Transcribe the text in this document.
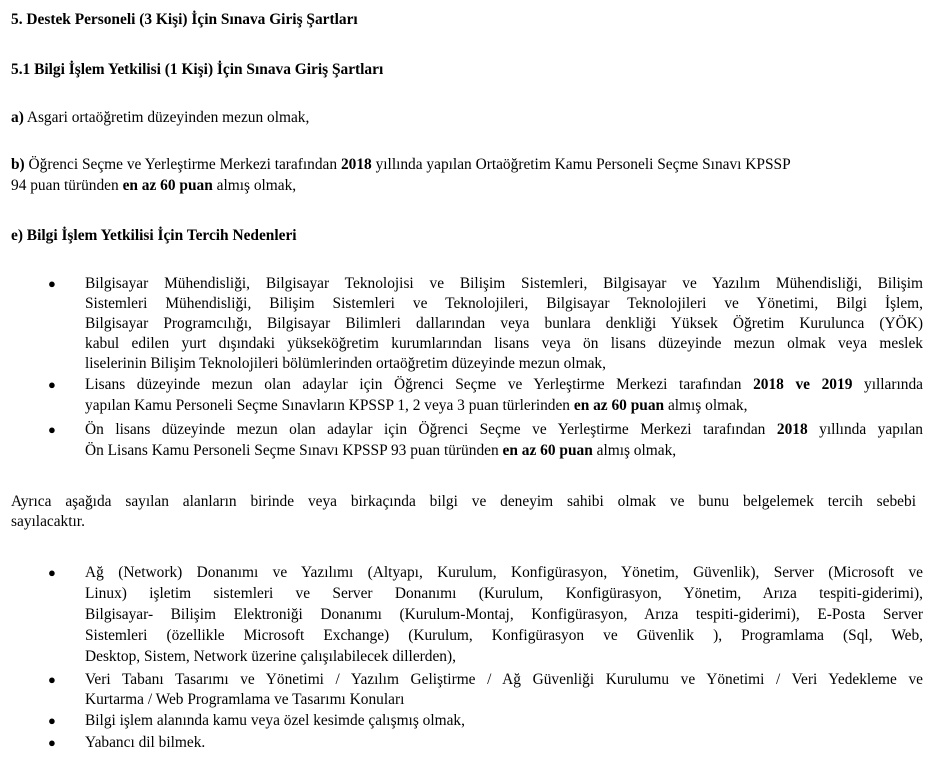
5. Destek Personeli (3 Kişi) İçin Sınava Giriş Şartları
5.1 Bilgi İşlem Yetkilisi (1 Kişi) İçin Sınava Giriş Şartları
a) Asgari ortaöğretim düzeyinden mezun olmak,
b) Öğrenci Seçme ve Yerleştirme Merkezi tarafından 2018 yıllında yapılan Ortaöğretim Kamu Personeli Seçme Sınavı KPSSP
94 puan türünden en az 60 puan almış olmak,
e) Bilgi İşlem Yetkilisi İçin Tercih Nedenleri
● Bilgisayar Mühendisliği, Bilgisayar Teknolojisi ve Bilişim Sistemleri, Bilgisayar ve Yazılım Mühendisliği, Bilişim
Sistemleri Mühendisliği, Bilişim Sistemleri ve Teknolojileri, Bilgisayar Teknolojileri ve Yönetimi, Bilgi İşlem,
Bilgisayar Programcılığı, Bilgisayar Bilimleri dallarından veya bunlara denkliği Yüksek Öğretim Kurulunca (YÖK)
kabul edilen yurt dışındaki yükseköğretim kurumlarından lisans veya ön lisans düzeyinde mezun olmak veya meslek
liselerinin Bilişim Teknolojileri bölümlerinden ortaöğretim düzeyinde mezun olmak,
● Lisans düzeyinde mezun olan adaylar için Öğrenci Seçme ve Yerleştirme Merkezi tarafından 2018 ve 2019 yıllarında
yapılan Kamu Personeli Seçme Sınavların KPSSP 1, 2 veya 3 puan türlerinden en az 60 puan almış olmak,
● Ön lisans düzeyinde mezun olan adaylar için Öğrenci Seçme ve Yerleştirme Merkezi tarafından 2018 yıllında yapılan
Ön Lisans Kamu Personeli Seçme Sınavı KPSSP 93 puan türünden en az 60 puan almış olmak,
Ayrıca aşağıda sayılan alanların birinde veya birkaçında bilgi ve deneyim sahibi olmak ve bunu belgelemek tercih sebebi
sayılacaktır.
● Ağ (Network) Donanımı ve Yazılımı (Altyapı, Kurulum, Konfigürasyon, Yönetim, Güvenlik), Server (Microsoft ve
Linux) işletim sistemleri ve Server Donanımı (Kurulum, Konfigürasyon, Yönetim, Arıza tespiti-giderimi),
Bilgisayar- Bilişim Elektroniği Donanımı (Kurulum-Montaj, Konfigürasyon, Arıza tespiti-giderimi), E-Posta Server
Sistemleri (özellikle Microsoft Exchange) (Kurulum, Konfigürasyon ve Güvenlik ), Programlama (Sql, Web,
Desktop, Sistem, Network üzerine çalışılabilecek dillerden),
● Veri Tabanı Tasarımı ve Yönetimi / Yazılım Geliştirme / Ağ Güvenliği Kurulumu ve Yönetimi / Veri Yedekleme ve
Kurtarma / Web Programlama ve Tasarımı Konuları
● Bilgi işlem alanında kamu veya özel kesimde çalışmış olmak,
● Yabancı dil bilmek.
